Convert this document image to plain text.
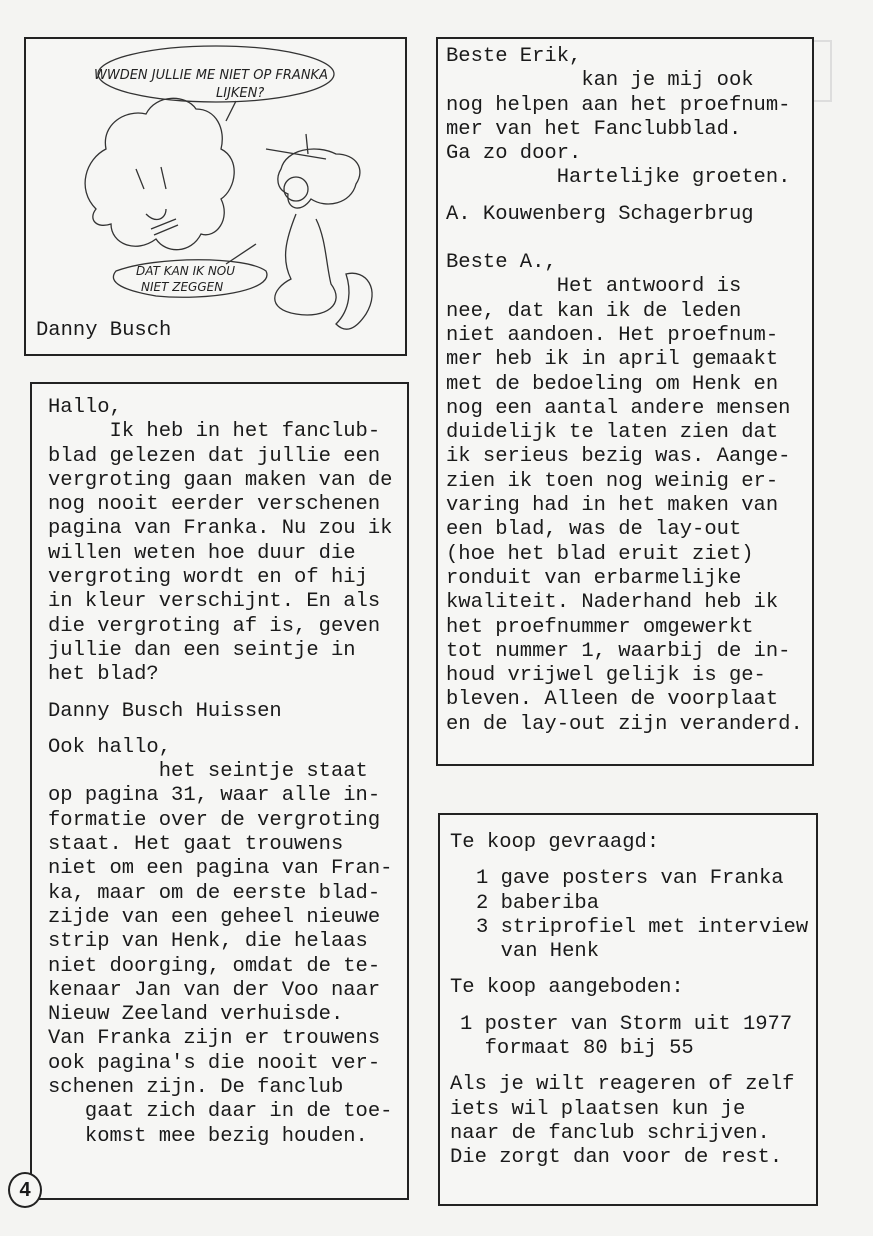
WWDEN JULLIE ME NIET OP FRANKA
LIJKEN?
DAT KAN IK NOU
NIET ZEGGEN
Danny Busch
Hallo,
Ik heb in het fanclub-
blad gelezen dat jullie een
vergroting gaan maken van de
nog nooit eerder verschenen
pagina van Franka. Nu zou ik
willen weten hoe duur die
vergroting wordt en of hij
in kleur verschijnt. En als
die vergroting af is, geven
jullie dan een seintje in
het blad?
Danny Busch Huissen
Ook hallo,
het seintje staat
op pagina 31, waar alle in-
formatie over de vergroting
staat. Het gaat trouwens
niet om een pagina van Fran-
ka, maar om de eerste blad-
zijde van een geheel nieuwe
strip van Henk, die helaas
niet doorging, omdat de te-
kenaar Jan van der Voo naar
Nieuw Zeeland verhuisde.
Van Franka zijn er trouwens
ook pagina's die nooit ver-
schenen zijn. De fanclub
gaat zich daar in de toe-
komst mee bezig houden.
Beste Erik,
kan je mij ook
nog helpen aan het proefnum-
mer van het Fanclubblad.
Ga zo door.
Hartelijke groeten.
A. Kouwenberg Schagerbrug
Beste A.,
Het antwoord is
nee, dat kan ik de leden
niet aandoen. Het proefnum-
mer heb ik in april gemaakt
met de bedoeling om Henk en
nog een aantal andere mensen
duidelijk te laten zien dat
ik serieus bezig was. Aange-
zien ik toen nog weinig er-
varing had in het maken van
een blad, was de lay-out
(hoe het blad eruit ziet)
ronduit van erbarmelijke
kwaliteit. Naderhand heb ik
het proefnummer omgewerkt
tot nummer 1, waarbij de in-
houd vrijwel gelijk is ge-
bleven. Alleen de voorplaat
en de lay-out zijn veranderd.
Te koop gevraagd:
1 gave posters van Franka
2 baberiba
3 striprofiel met interview
van Henk
Te koop aangeboden:
1 poster van Storm uit 1977
formaat 80 bij 55
Als je wilt reageren of zelf
iets wil plaatsen kun je
naar de fanclub schrijven.
Die zorgt dan voor de rest.
4
